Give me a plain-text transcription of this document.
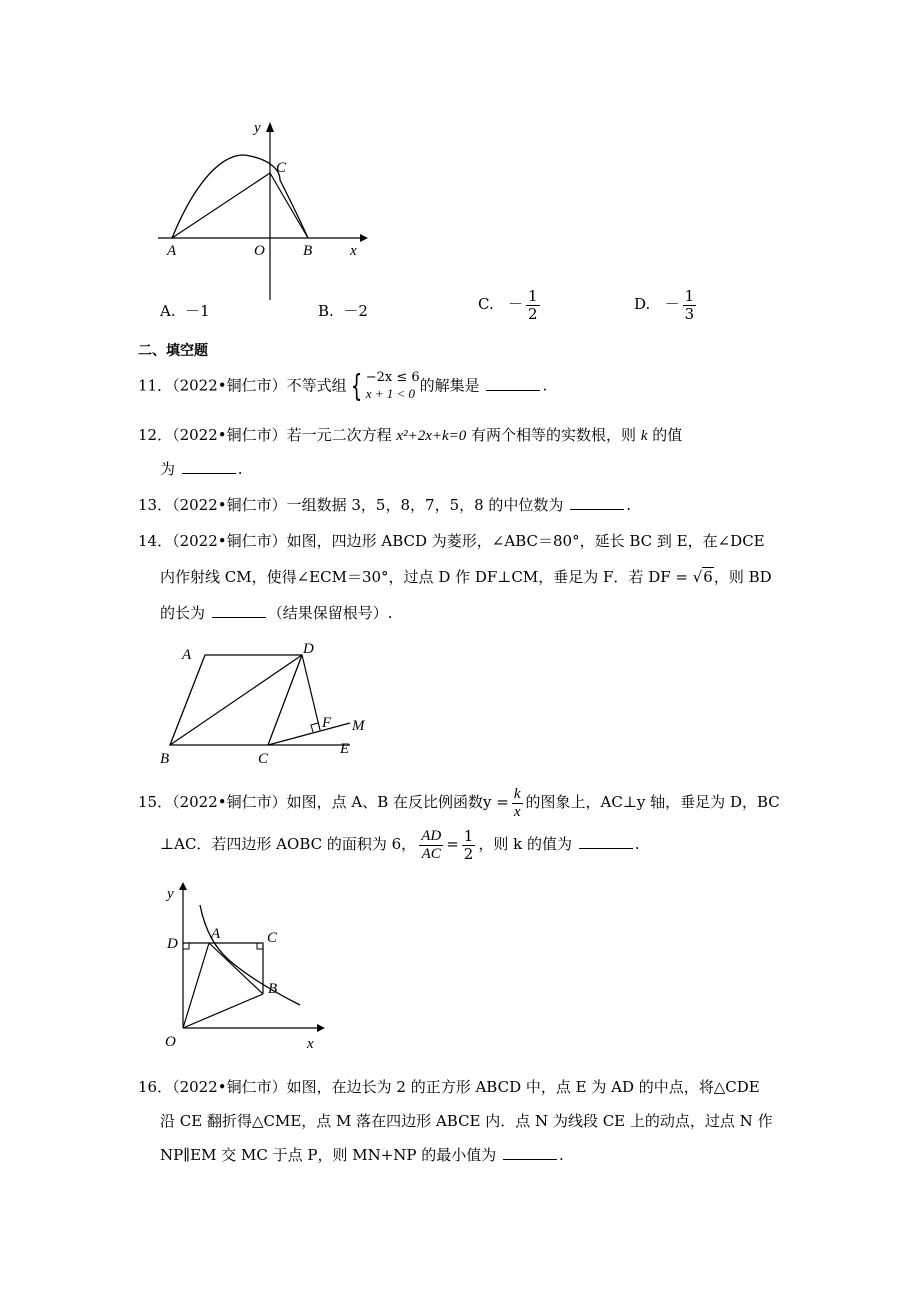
y
C
A	O	B	x
A. －1	B. －2	C. － $\frac{1}{2}$	D. － $\frac{1}{3}$
二、填空题
11．（2022•铜仁市）不等式组 { −2x ≤ 6
x + 1 < 0 的解集是	.
12．（2022•铜仁市）若一元二次方程 x²+2x+k=0 有两个相等的实数根，则 k 的值
为	.
13．（2022•铜仁市）一组数据 3，5，8，7，5，8 的中位数为	.
14．（2022•铜仁市）如图，四边形 ABCD 为菱形，∠ABC＝80°，延长 BC 到 E，在∠DCE
内作射线 CM，使得∠ECM＝30°，过点 D 作 DF⊥CM，垂足为 F．若 DF = √6，则 BD
的长为	（结果保留根号）.
A	D
F M
B	C
E
15．（2022•铜仁市）如图，点 A、B 在反比例函数$y = \frac{k}{x}$ 的图象上，AC⊥y 轴，垂足为 D，BC
⊥AC．若四边形 AOBC 的面积为 6， $\frac{AD}{AC} = \frac{1}{2}$ ，则 k 的值为	.
y
D
A	C
B
O	x
16．（2022•铜仁市）如图，在边长为 2 的正方形 ABCD 中，点 E 为 AD 的中点，将△CDE
沿 CE 翻折得△CME，点 M 落在四边形 ABCE 内．点 N 为线段 CE 上的动点，过点 N 作
NP∥EM 交 MC 于点 P，则 MN+NP 的最小值为	.
